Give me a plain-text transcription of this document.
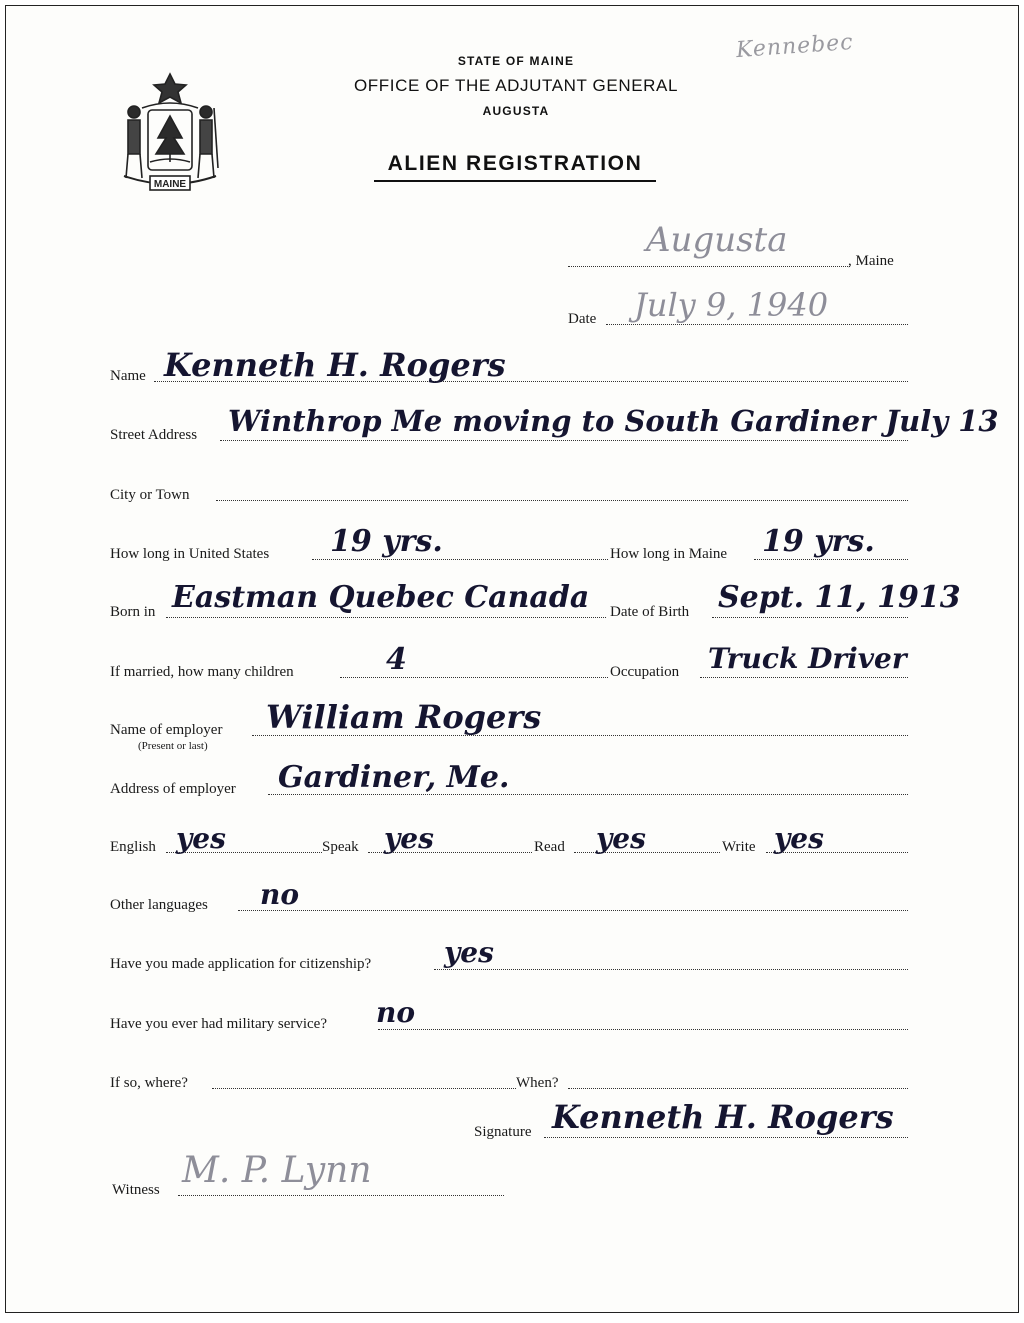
MAINE
Kennebec
STATE OF MAINE
OFFICE OF THE ADJUTANT GENERAL
AUGUSTA
ALIEN REGISTRATION
Augusta
, Maine
Date July 9, 1940
Name Kenneth H. Rogers
Street Address Winthrop Me moving to South Gardiner July 13
City or Town
How long in United States 19 yrs.	How long in Maine 19 yrs.
Born in Eastman Quebec Canada Date of Birth Sept. 11, 1913
If married, how many children	4	Occupation Truck Driver
Name of employer
(Present or last)
William Rogers
Address of employer Gardiner, Me.
English yes	Speak yes	Read yes	Write yes
Other languages no
Have you made application for citizenship?	yes
Have you ever had military service? no
If so, where?	When?
Signature Kenneth H. Rogers
Witness M. P. Lynn
